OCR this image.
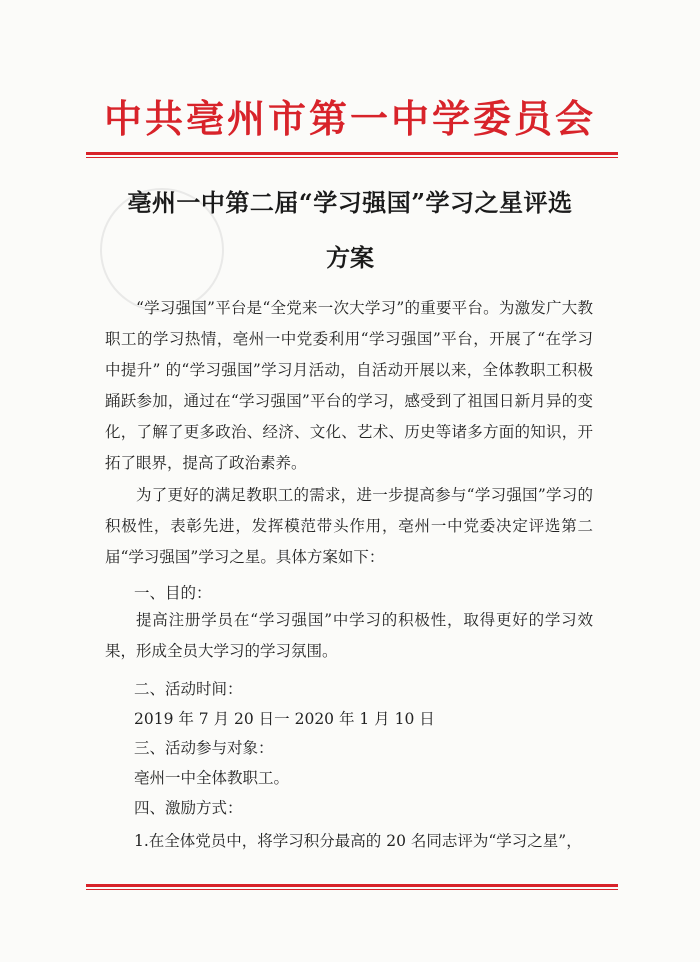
中共亳州市第一中学委员会
亳州一中第二届“学习强国”学习之星评选
方案

“学习强国”平台是“全党来一次大学习”的重要平台。为激发广大教职工的学习热情，亳州一中党委利用“学习强国”平台，开展了“在学习中提升” 的“学习强国”学习月活动，自活动开展以来，全体教职工积极踊跃参加，通过在“学习强国”平台的学习，感受到了祖国日新月异的变化，了解了更多政治、经济、文化、艺术、历史等诸多方面的知识，开拓了眼界，提高了政治素养。

为了更好的满足教职工的需求，进一步提高参与“学习强国”学习的积极性，表彰先进，发挥模范带头作用，亳州一中党委决定评选第二届“学习强国”学习之星。具体方案如下：

一、目的：

提高注册学员在“学习强国”中学习的积极性，取得更好的学习效果，形成全员大学习的学习氛围。

二、活动时间：
2019 年 7 月 20 日一 2020 年 1 月 10 日
三、活动参与对象：
亳州一中全体教职工。
四、激励方式：
1.在全体党员中，将学习积分最高的 20 名同志评为“学习之星”，
